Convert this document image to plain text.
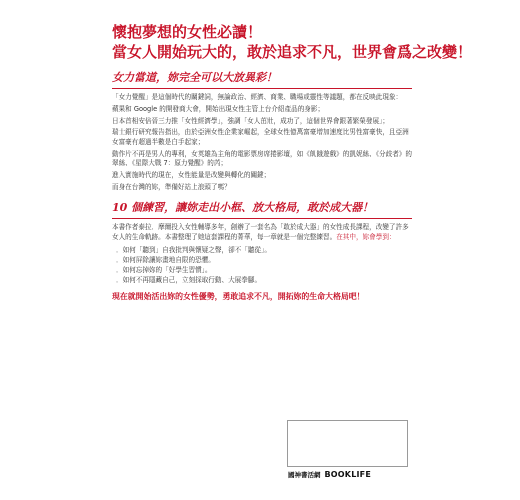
懷抱夢想的女性必讀！

當女人開始玩大的，敢於追求不凡，世界會爲之改變！

女力當道，妳完全可以大放異彩！

「女力覺醒」是這個時代的關鍵詞，無論政治、經濟、商業、職場或靈性等議題，都在反映此現象：

蘋果和 Google 的開發商大會，開始出現女性主管上台介紹產品的身影；

日本首相安倍晉三力推「女性經濟學」，強調「女人茁壯，成功了，這個世界會跟著繁榮發展」；

瑞士銀行研究報告指出，由於亞洲女性企業家崛起，全球女性億萬富豪增加速度比男性富豪快，且亞洲女富豪有超過半數是白手起家；

動作片不再是男人的專利，女英雄為主角的電影票房席捲影壇，如《飢餓遊戲》的凱妮絲、《分歧者》的翠絲、《星際大戰 7：原力覺醒》的芮；

進入實施時代的現在，女性能量是改變與轉化的關鍵；

而身在台灣的妳，準備好站上浪頭了嗎？

10 個練習，讓妳走出小框、放大格局，敢於成大器！

本書作者泰拉．摩爾投入女性輔導多年，創辦了一套名為「敢於成大器」的女性成長課程，改變了許多女人的生命軌跡。本書整理了她這套課程的菁華，每一章就是一個完整練習。在其中，妳會學到：

．如何「聽到」自我批判與懷疑之聲，卻不「聽從」。
．如何屏除讓妳畫地自限的恐懼。
．如何忘掉妳的「好學生習慣」。
．如何不再隱藏自己，立刻採取行動、大展拳腳。

現在就開始活出妳的女性優勢，勇敢追求不凡，開拓妳的生命大格局吧！

國神書活網 BOOKLIFE
